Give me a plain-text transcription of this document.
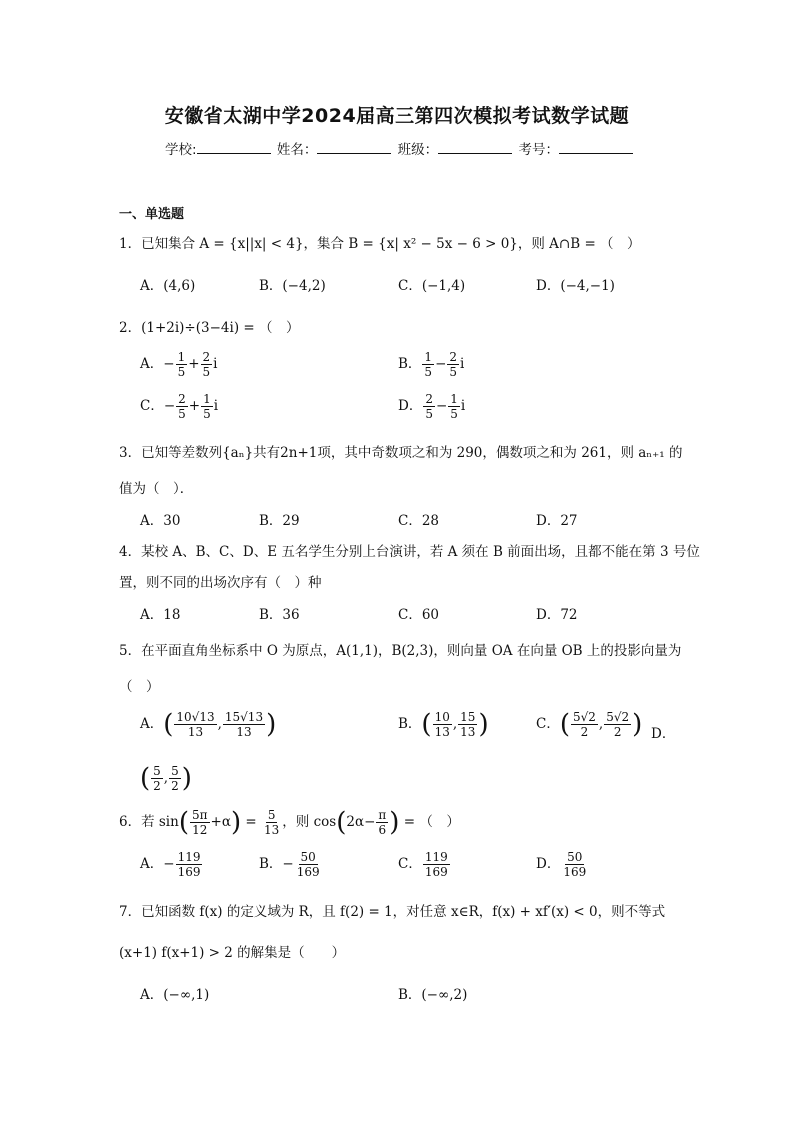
安徽省太湖中学2024届高三第四次模拟考试数学试题
学校:	姓名：	班级：	考号：
一、单选题
1．已知集合 A = {x||x| < 4}，集合 B = {x| x² − 5x − 6 > 0}，则 A∩B = （　）
A．(4,6)	B．(−4,2)	C．(−1,4)	D．(−4,−1)
2．(1+2i)÷(3−4i) = （　）
A．− $\frac{1}{5} + \frac{2}{5}$ i	B． $\frac{1}{5} - \frac{2}{5}$ i
C．− $\frac{2}{5} + \frac{1}{5}$ i	D． $\frac{2}{5} - \frac{1}{5}$ i
3．已知等差数列{aₙ}共有2n+1项，其中奇数项之和为 290，偶数项之和为 261，则 aₙ₊₁ 的
值为（　）．
A．30	B．29	C．28	D．27
4．某校 A、B、C、D、E 五名学生分别上台演讲，若 A 须在 B 前面出场，且都不能在第 3 号位
置，则不同的出场次序有（　）种
A．18	B．36	C．60	D．72
5．在平面直角坐标系中 O 为原点，A(1,1)，B(2,3)，则向量 OA 在向量 OB 上的投影向量为
（　）
A．( $\frac{10√13}{13}$ , $\frac{15√13}{13}$ )	B．( $\frac{10}{13}$ , $\frac{15}{13}$ )	C．( $\frac{5√2}{2}$ , $\frac{5√2}{2}$ ) D．
( $\frac{5}{2}$ , $\frac{5}{2}$ )
6．若 $\sin( \frac{5\pi}{12} +\alpha) = \frac{5}{13}$ ，则 $\cos(2\alpha- \frac{\pi}{6}$ ) = （　）
A．− $\frac{119}{169}$	B．− $\frac{50}{169}$	C． $\frac{119}{169}$	D． $\frac{50}{169}$
7．已知函数 f(x) 的定义域为 R，且 f(2) = 1，对任意 x∈R，f(x) + xf′(x) < 0，则不等式
(x+1) f(x+1) > 2 的解集是（　　）
A．(−∞,1)	B．(−∞,2)
